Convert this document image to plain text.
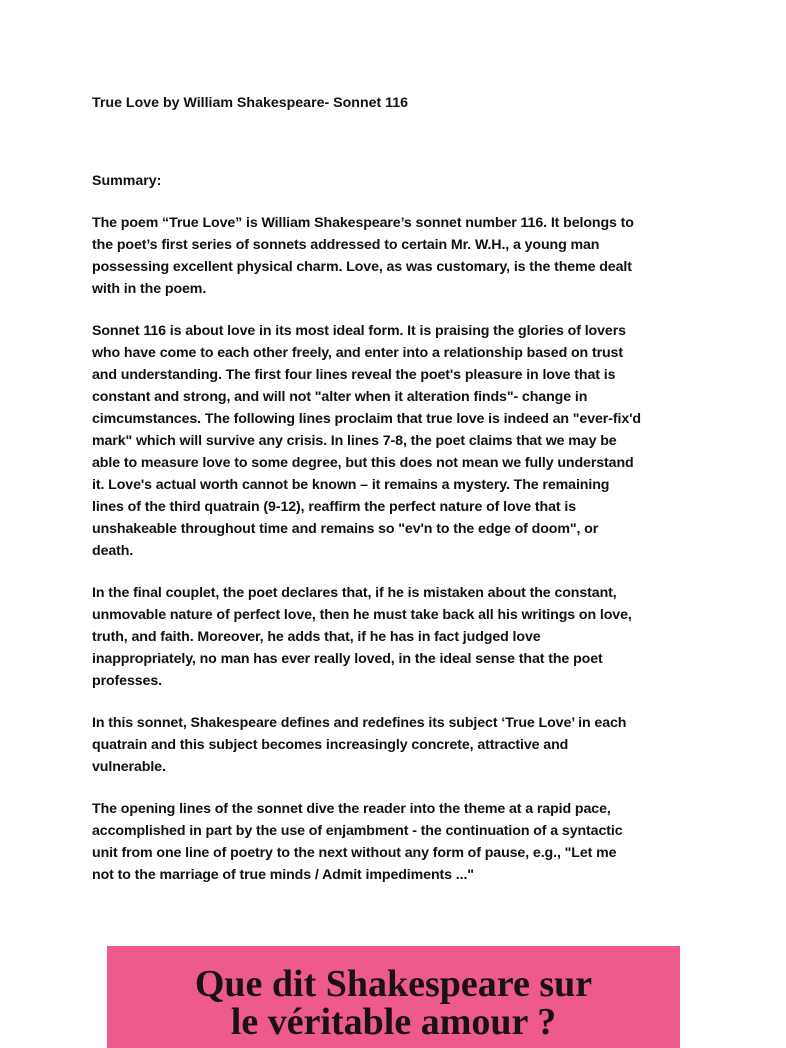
True Love by William Shakespeare- Sonnet 116

Summary:

The poem “True Love” is William Shakespeare’s sonnet number 116. It belongs to
the poet’s first series of sonnets addressed to certain Mr. W.H., a young man
possessing excellent physical charm. Love, as was customary, is the theme dealt
with in the poem.

Sonnet 116 is about love in its most ideal form. It is praising the glories of lovers
who have come to each other freely, and enter into a relationship based on trust
and understanding. The first four lines reveal the poet's pleasure in love that is
constant and strong, and will not "alter when it alteration finds"- change in
cimcumstances. The following lines proclaim that true love is indeed an "ever-fix'd
mark" which will survive any crisis. In lines 7-8, the poet claims that we may be
able to measure love to some degree, but this does not mean we fully understand
it. Love's actual worth cannot be known – it remains a mystery. The remaining
lines of the third quatrain (9-12), reaffirm the perfect nature of love that is
unshakeable throughout time and remains so "ev'n to the edge of doom", or
death.

In the final couplet, the poet declares that, if he is mistaken about the constant,
unmovable nature of perfect love, then he must take back all his writings on love,
truth, and faith. Moreover, he adds that, if he has in fact judged love
inappropriately, no man has ever really loved, in the ideal sense that the poet
professes.

In this sonnet, Shakespeare defines and redefines its subject ‘True Love’ in each
quatrain and this subject becomes increasingly concrete, attractive and
vulnerable.

The opening lines of the sonnet dive the reader into the theme at a rapid pace,
accomplished in part by the use of enjambment - the continuation of a syntactic
unit from one line of poetry to the next without any form of pause, e.g., "Let me
not to the marriage of true minds / Admit impediments ..."

Que dit Shakespeare sur
le véritable amour ?
